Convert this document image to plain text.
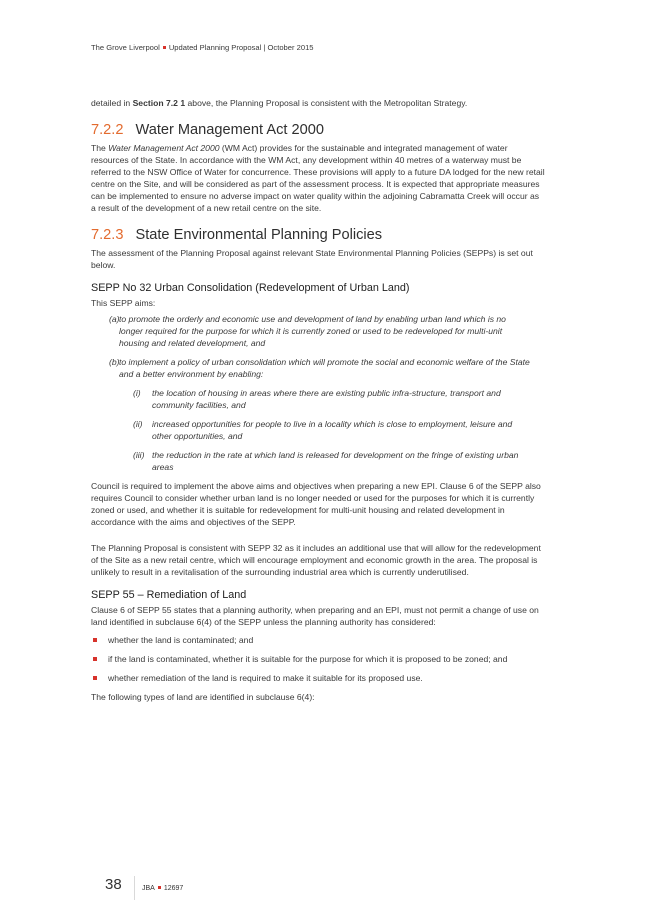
The Grove Liverpool Updated Planning Proposal | October 2015

detailed in Section 7.2 1 above, the Planning Proposal is consistent with the Metropolitan Strategy.

7.2.2 Water Management Act 2000

The Water Management Act 2000 (WM Act) provides for the sustainable and integrated management of water resources of the State. In accordance with the WM Act, any development within 40 metres of a waterway must be referred to the NSW Office of Water for concurrence. These provisions will apply to a future DA lodged for the new retail centre on the Site, and will be considered as part of the assessment process. It is expected that appropriate measures can be implemented to ensure no adverse impact on water quality within the adjoining Cabramatta Creek will occur as a result of the development of a new retail centre on the site.

7.2.3 State Environmental Planning Policies

The assessment of the Planning Proposal against relevant State Environmental Planning Policies (SEPPs) is set out below.

SEPP No 32 Urban Consolidation (Redevelopment of Urban Land)

This SEPP aims:

(a) to promote the orderly and economic use and development of land by enabling urban land which is no longer required for the purpose for which it is currently zoned or used to be redeveloped for multi-unit housing and related development, and
(b) to implement a policy of urban consolidation which will promote the social and economic welfare of the State and a better environment by enabling:
(i) the location of housing in areas where there are existing public infra-structure, transport and community facilities, and
(ii) increased opportunities for people to live in a locality which is close to employment, leisure and other opportunities, and
(iii) the reduction in the rate at which land is released for development on the fringe of existing urban areas

Council is required to implement the above aims and objectives when preparing a new EPI. Clause 6 of the SEPP also requires Council to consider whether urban land is no longer needed or used for the purposes for which it is currently zoned or used, and whether it is suitable for redevelopment for multi-unit housing and related development in accordance with the aims and objectives of the SEPP.

The Planning Proposal is consistent with SEPP 32 as it includes an additional use that will allow for the redevelopment of the Site as a new retail centre, which will encourage employment and economic growth in the area. The proposal is unlikely to result in a revitalisation of the surrounding industrial area which is currently underutilised.

SEPP 55 – Remediation of Land

Clause 6 of SEPP 55 states that a planning authority, when preparing and an EPI, must not permit a change of use on land identified in subclause 6(4) of the SEPP unless the planning authority has considered:

whether the land is contaminated; and
if the land is contaminated, whether it is suitable for the purpose for which it is proposed to be zoned; and
whether remediation of the land is required to make it suitable for its proposed use.

The following types of land are identified in subclause 6(4):

38	JBA 12697
